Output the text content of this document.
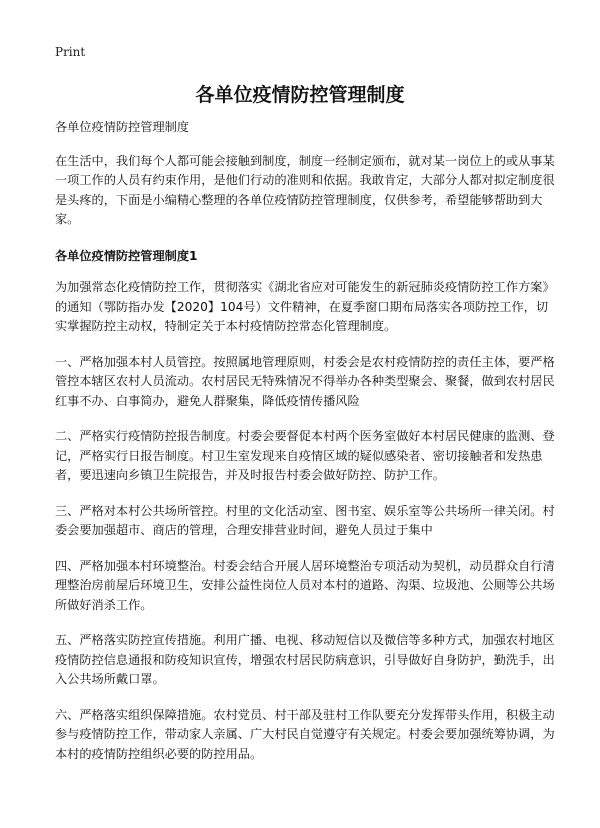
Print
各单位疫情防控管理制度

各单位疫情防控管理制度

在生活中，我们每个人都可能会接触到制度，制度一经制定颁布，就对某一岗位上的或从事某一项工作的人员有约束作用，是他们行动的准则和依据。我敢肯定，大部分人都对拟定制度很是头疼的，下面是小编精心整理的各单位疫情防控管理制度，仅供参考，希望能够帮助到大家。

各单位疫情防控管理制度1

为加强常态化疫情防控工作，贯彻落实《湖北省应对可能发生的新冠肺炎疫情防控工作方案》的通知（鄂防指办发【2020】104号）文件精神，在夏季窗口期布局落实各项防控工作，切实掌握防控主动权，特制定关于本村疫情防控常态化管理制度。

一、严格加强本村人员管控。按照属地管理原则，村委会是农村疫情防控的责任主体，要严格管控本辖区农村人员流动。农村居民无特殊情况不得举办各种类型聚会、聚餐，做到农村居民红事不办、白事简办，避免人群聚集，降低疫情传播风险

二、严格实行疫情防控报告制度。村委会要督促本村两个医务室做好本村居民健康的监测、登记，严格实行日报告制度。村卫生室发现来自疫情区域的疑似感染者、密切接触者和发热患者，要迅速向乡镇卫生院报告，并及时报告村委会做好防控、防护工作。

三、严格对本村公共场所管控。村里的文化活动室、图书室、娱乐室等公共场所一律关闭。村委会要加强超市、商店的管理，合理安排营业时间，避免人员过于集中

四、严格加强本村环境整治。村委会结合开展人居环境整治专项活动为契机，动员群众自行清理整治房前屋后环境卫生，安排公益性岗位人员对本村的道路、沟渠、垃圾池、公厕等公共场所做好消杀工作。

五、严格落实防控宣传措施。利用广播、电视、移动短信以及微信等多种方式，加强农村地区疫情防控信息通报和防疫知识宣传，增强农村居民防病意识，引导做好自身防护，勤洗手，出入公共场所戴口罩。

六、严格落实组织保障措施。农村党员、村干部及驻村工作队要充分发挥带头作用，积极主动参与疫情防控工作，带动家人亲属、广大村民自觉遵守有关规定。村委会要加强统筹协调，为本村的疫情防控组织必要的防控用品。
